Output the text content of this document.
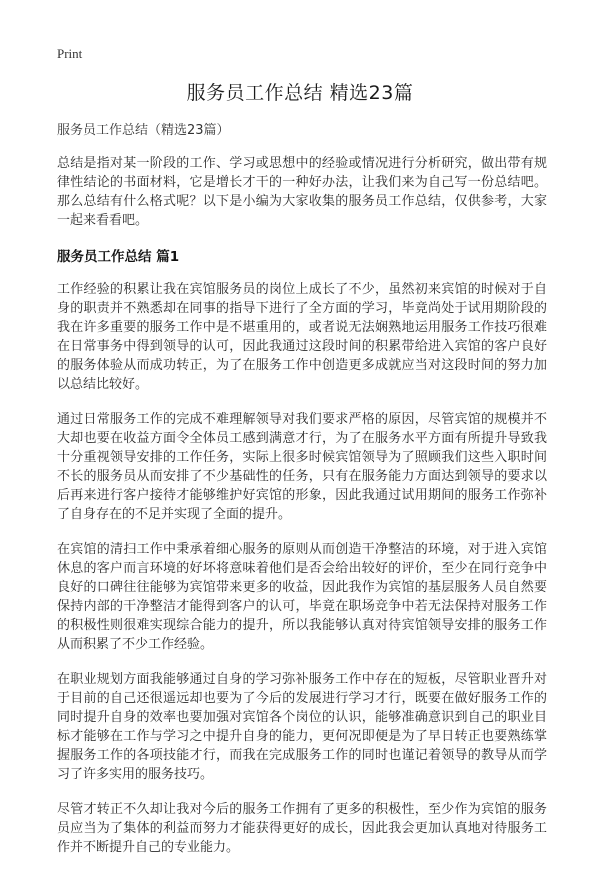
Print
服务员工作总结 精选23篇
服务员工作总结（精选23篇）

总结是指对某一阶段的工作、学习或思想中的经验或情况进行分析研究，做出带有规律性结论的书面材料，它是增长才干的一种好办法，让我们来为自己写一份总结吧。那么总结有什么格式呢？以下是小编为大家收集的服务员工作总结，仅供参考，大家一起来看看吧。

服务员工作总结 篇1

工作经验的积累让我在宾馆服务员的岗位上成长了不少，虽然初来宾馆的时候对于自身的职责并不熟悉却在同事的指导下进行了全方面的学习，毕竟尚处于试用期阶段的我在许多重要的服务工作中是不堪重用的，或者说无法娴熟地运用服务工作技巧很难在日常事务中得到领导的认可，因此我通过这段时间的积累带给进入宾馆的客户良好的服务体验从而成功转正，为了在服务工作中创造更多成就应当对这段时间的努力加以总结比较好。

通过日常服务工作的完成不难理解领导对我们要求严格的原因，尽管宾馆的规模并不大却也要在收益方面令全体员工感到满意才行，为了在服务水平方面有所提升导致我十分重视领导安排的工作任务，实际上很多时候宾馆领导为了照顾我们这些入职时间不长的服务员从而安排了不少基础性的任务，只有在服务能力方面达到领导的要求以后再来进行客户接待才能够维护好宾馆的形象，因此我通过试用期间的服务工作弥补了自身存在的不足并实现了全面的提升。

在宾馆的清扫工作中秉承着细心服务的原则从而创造干净整洁的环境，对于进入宾馆休息的客户而言环境的好坏将意味着他们是否会给出较好的评价，至少在同行竞争中良好的口碑往往能够为宾馆带来更多的收益，因此我作为宾馆的基层服务人员自然要保持内部的干净整洁才能得到客户的认可，毕竟在职场竞争中若无法保持对服务工作的积极性则很难实现综合能力的提升，所以我能够认真对待宾馆领导安排的服务工作从而积累了不少工作经验。

在职业规划方面我能够通过自身的学习弥补服务工作中存在的短板，尽管职业晋升对于目前的自己还很遥远却也要为了今后的发展进行学习才行，既要在做好服务工作的同时提升自身的效率也要加强对宾馆各个岗位的认识，能够准确意识到自己的职业目标才能够在工作与学习之中提升自身的能力，更何况即便是为了早日转正也要熟练掌握服务工作的各项技能才行，而我在完成服务工作的同时也谨记着领导的教导从而学习了许多实用的服务技巧。

尽管才转正不久却让我对今后的服务工作拥有了更多的积极性，至少作为宾馆的服务员应当为了集体的利益而努力才能获得更好的成长，因此我会更加认真地对待服务工作并不断提升自己的专业能力。
